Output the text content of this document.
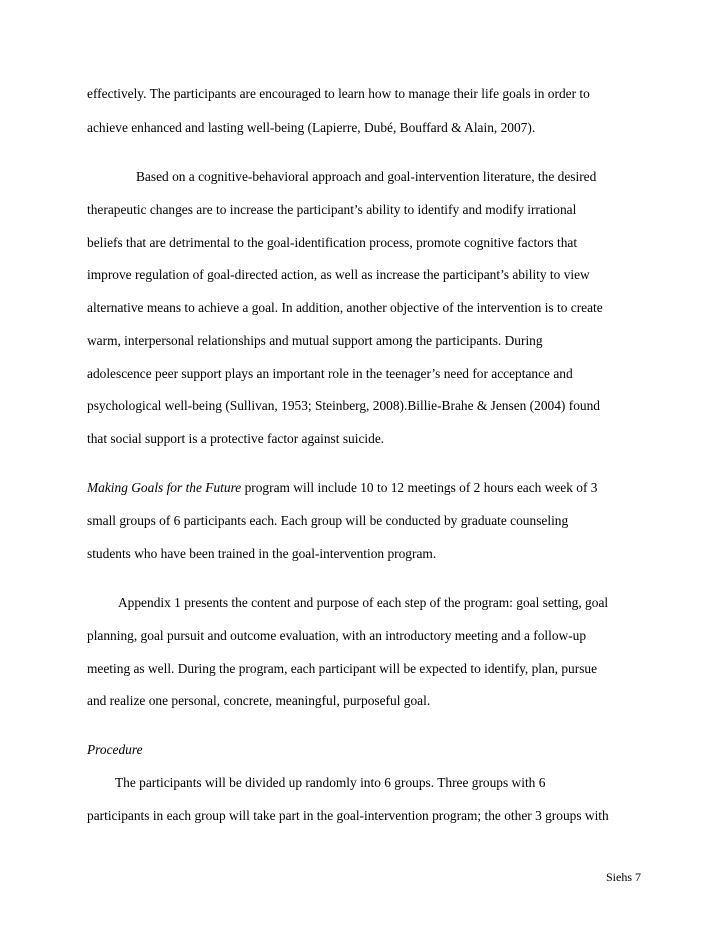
effectively. The participants are encouraged to learn how to manage their life goals in order to
achieve enhanced and lasting well-being (Lapierre, Dubé, Bouffard & Alain, 2007).
Based on a cognitive-behavioral approach and goal-intervention literature, the desired
therapeutic changes are to increase the participant’s ability to identify and modify irrational
beliefs that are detrimental to the goal-identification process, promote cognitive factors that
improve regulation of goal-directed action, as well as increase the participant’s ability to view
alternative means to achieve a goal. In addition, another objective of the intervention is to create
warm, interpersonal relationships and mutual support among the participants. During
adolescence peer support plays an important role in the teenager’s need for acceptance and
psychological well-being (Sullivan, 1953; Steinberg, 2008).Billie-Brahe & Jensen (2004) found
that social support is a protective factor against suicide.
Making Goals for the Future program will include 10 to 12 meetings of 2 hours each week of 3
small groups of 6 participants each. Each group will be conducted by graduate counseling
students who have been trained in the goal-intervention program.
Appendix 1 presents the content and purpose of each step of the program: goal setting, goal
planning, goal pursuit and outcome evaluation, with an introductory meeting and a follow-up
meeting as well. During the program, each participant will be expected to identify, plan, pursue
and realize one personal, concrete, meaningful, purposeful goal.
Procedure
The participants will be divided up randomly into 6 groups. Three groups with 6
participants in each group will take part in the goal-intervention program; the other 3 groups with
Siehs 7
